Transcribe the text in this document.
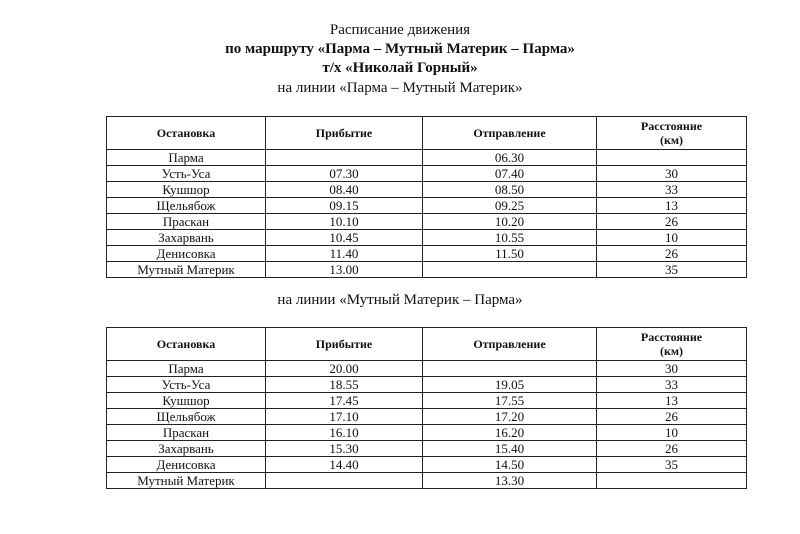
Расписание движения
по маршруту «Парма – Мутный Материк – Парма»
т/х «Николай Горный»
на линии «Парма – Мутный Материк»
Остановка	Прибытие	Отправление	Расстояние
(км)
Парма		06.30	
Усть-Уса	07.30	07.40	30
Кушшор	08.40	08.50	33
Щельябож	09.15	09.25	13
Праскан	10.10	10.20	26
Захарвань	10.45	10.55	10
Денисовка	11.40	11.50	26
Мутный Материк	13.00		35
на линии «Мутный Материк – Парма»
Остановка	Прибытие	Отправление	Расстояние
(км)
Парма	20.00		30
Усть-Уса	18.55	19.05	33
Кушшор	17.45	17.55	13
Щельябож	17.10	17.20	26
Праскан	16.10	16.20	10
Захарвань	15.30	15.40	26
Денисовка	14.40	14.50	35
Мутный Материк		13.30	
